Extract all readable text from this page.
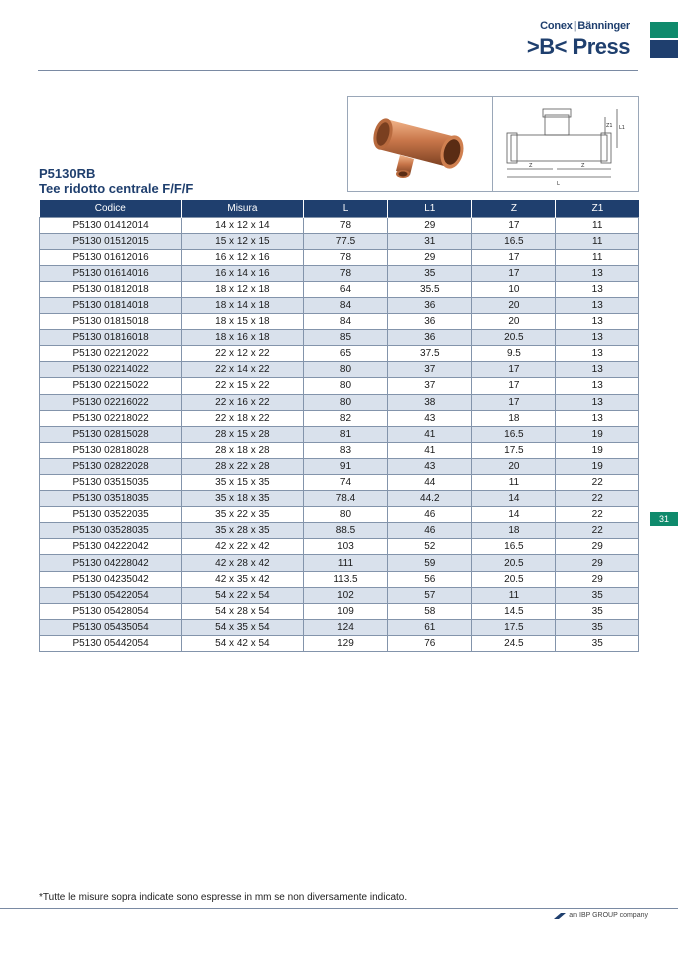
Conex|Bänninger
>B< Press
L1
Z1
Z	Z
L
P5130RB
Tee ridotto centrale F/F/F
Codice	Misura	L	L1	Z	Z1
P5130 01412014	14 x 12 x 14	78	29	17	11
P5130 01512015	15 x 12 x 15	77.5	31	16.5	11
P5130 01612016	16 x 12 x 16	78	29	17	11
P5130 01614016	16 x 14 x 16	78	35	17	13
P5130 01812018	18 x 12 x 18	64	35.5	10	13
P5130 01814018	18 x 14 x 18	84	36	20	13
P5130 01815018	18 x 15 x 18	84	36	20	13
P5130 01816018	18 x 16 x 18	85	36	20.5	13
P5130 02212022	22 x 12 x 22	65	37.5	9.5	13
P5130 02214022	22 x 14 x 22	80	37	17	13
P5130 02215022	22 x 15 x 22	80	37	17	13
P5130 02216022	22 x 16 x 22	80	38	17	13
P5130 02218022	22 x 18 x 22	82	43	18	13
P5130 02815028	28 x 15 x 28	81	41	16.5	19
P5130 02818028	28 x 18 x 28	83	41	17.5	19
P5130 02822028	28 x 22 x 28	91	43	20	19
P5130 03515035	35 x 15 x 35	74	44	11	22
P5130 03518035	35 x 18 x 35	78.4	44.2	14	22
P5130 03522035	35 x 22 x 35	80	46	14	22
P5130 03528035	35 x 28 x 35	88.5	46	18	22
P5130 04222042	42 x 22 x 42	103	52	16.5	29
P5130 04228042	42 x 28 x 42	111	59	20.5	29
P5130 04235042	42 x 35 x 42	113.5	56	20.5	29
P5130 05422054	54 x 22 x 54	102	57	11	35
P5130 05428054	54 x 28 x 54	109	58	14.5	35
P5130 05435054	54 x 35 x 54	124	61	17.5	35
P5130 05442054	54 x 42 x 54	129	76	24.5	35
31
*Tutte le misure sopra indicate sono espresse in mm se non diversamente indicato.
an IBP GROUP company
